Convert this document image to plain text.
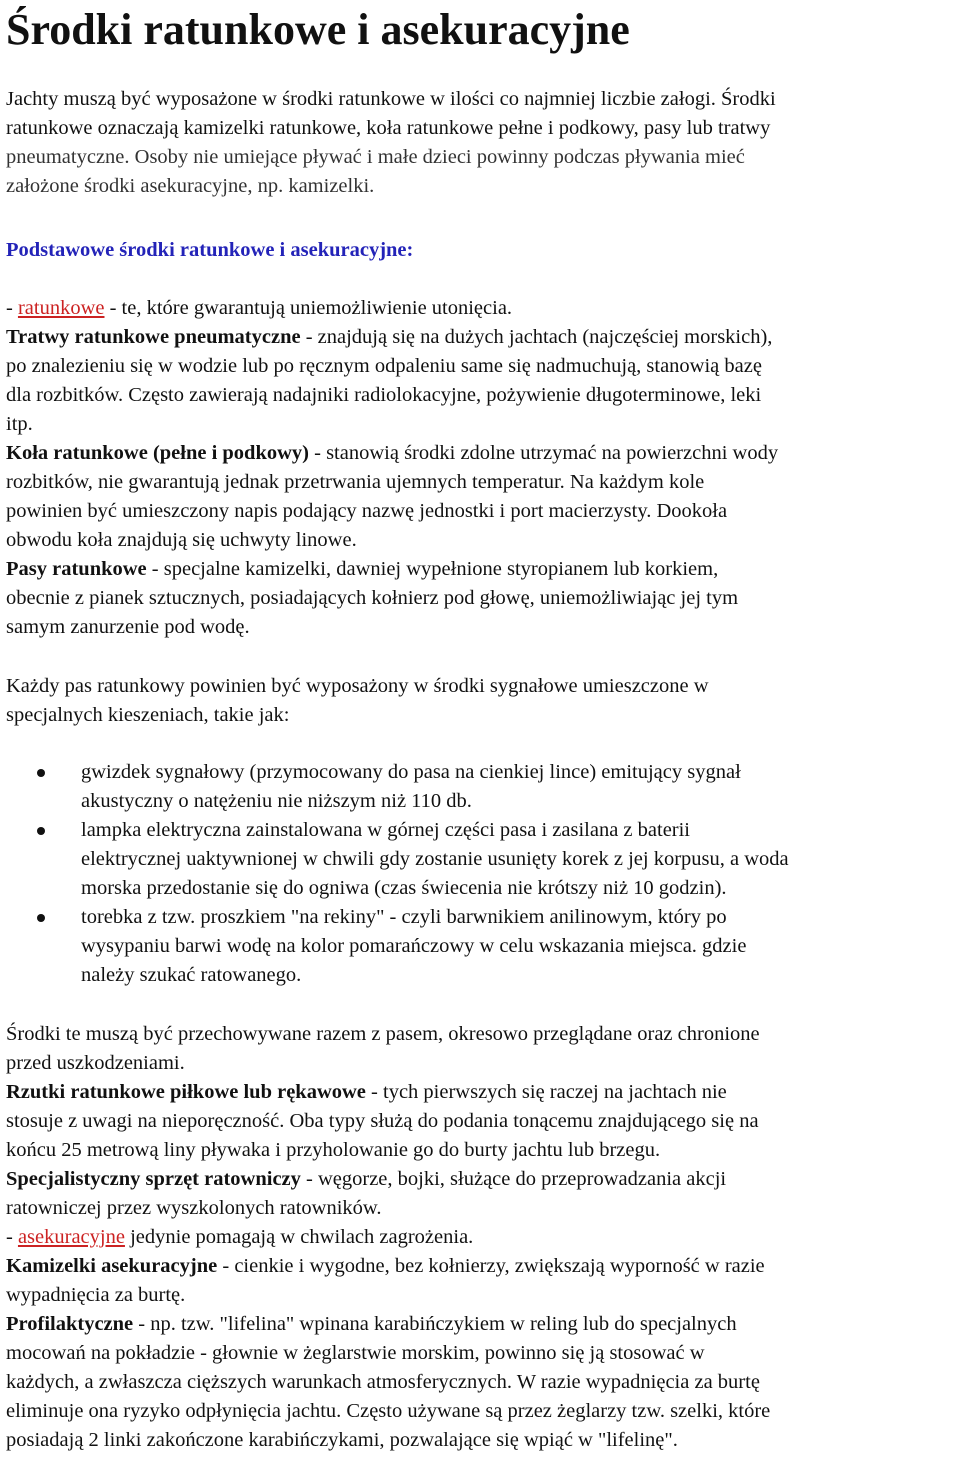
Środki ratunkowe i asekuracyjne

Jachty muszą być wyposażone w środki ratunkowe w ilości co najmniej liczbie załogi. Środki
ratunkowe oznaczają kamizelki ratunkowe, koła ratunkowe pełne i podkowy, pasy lub tratwy
pneumatyczne. Osoby nie umiejące pływać i małe dzieci powinny podczas pływania mieć
założone środki asekuracyjne, np. kamizelki.

Podstawowe środki ratunkowe i asekuracyjne:

- ratunkowe - te, które gwarantują uniemożliwienie utonięcia.
Tratwy ratunkowe pneumatyczne - znajdują się na dużych jachtach (najczęściej morskich),
po znalezieniu się w wodzie lub po ręcznym odpaleniu same się nadmuchują, stanowią bazę
dla rozbitków. Często zawierają nadajniki radiolokacyjne, pożywienie długoterminowe, leki
itp.
Koła ratunkowe (pełne i podkowy) - stanowią środki zdolne utrzymać na powierzchni wody
rozbitków, nie gwarantują jednak przetrwania ujemnych temperatur. Na każdym kole
powinien być umieszczony napis podający nazwę jednostki i port macierzysty. Dookoła
obwodu koła znajdują się uchwyty linowe.
Pasy ratunkowe - specjalne kamizelki, dawniej wypełnione styropianem lub korkiem,
obecnie z pianek sztucznych, posiadających kołnierz pod głowę, uniemożliwiając jej tym
samym zanurzenie pod wodę.

Każdy pas ratunkowy powinien być wyposażony w środki sygnałowe umieszczone w
specjalnych kieszeniach, takie jak:

gwizdek sygnałowy (przymocowany do pasa na cienkiej lince) emitujący sygnał
akustyczny o natężeniu nie niższym niż 110 db.
lampka elektryczna zainstalowana w górnej części pasa i zasilana z baterii
elektrycznej uaktywnionej w chwili gdy zostanie usunięty korek z jej korpusu, a woda
morska przedostanie się do ogniwa (czas świecenia nie krótszy niż 10 godzin).
torebka z tzw. proszkiem "na rekiny" - czyli barwnikiem anilinowym, który po
wysypaniu barwi wodę na kolor pomarańczowy w celu wskazania miejsca. gdzie
należy szukać ratowanego.
Środki te muszą być przechowywane razem z pasem, okresowo przeglądane oraz chronione
przed uszkodzeniami.
Rzutki ratunkowe piłkowe lub rękawowe - tych pierwszych się raczej na jachtach nie
stosuje z uwagi na nieporęczność. Oba typy służą do podania tonącemu znajdującego się na
końcu 25 metrową liny pływaka i przyholowanie go do burty jachtu lub brzegu.
Specjalistyczny sprzęt ratowniczy - węgorze, bojki, służące do przeprowadzania akcji
ratowniczej przez wyszkolonych ratowników.
- asekuracyjne jedynie pomagają w chwilach zagrożenia.
Kamizelki asekuracyjne - cienkie i wygodne, bez kołnierzy, zwiększają wyporność w razie
wypadnięcia za burtę.
Profilaktyczne - np. tzw. "lifelina" wpinana karabińczykiem w reling lub do specjalnych
mocowań na pokładzie - głownie w żeglarstwie morskim, powinno się ją stosować w
każdych, a zwłaszcza cięższych warunkach atmosferycznych. W razie wypadnięcia za burtę
eliminuje ona ryzyko odpłynięcia jachtu. Często używane są przez żeglarzy tzw. szelki, które
posiadają 2 linki zakończone karabińczykami, pozwalające się wpiąć w "lifelinę".
